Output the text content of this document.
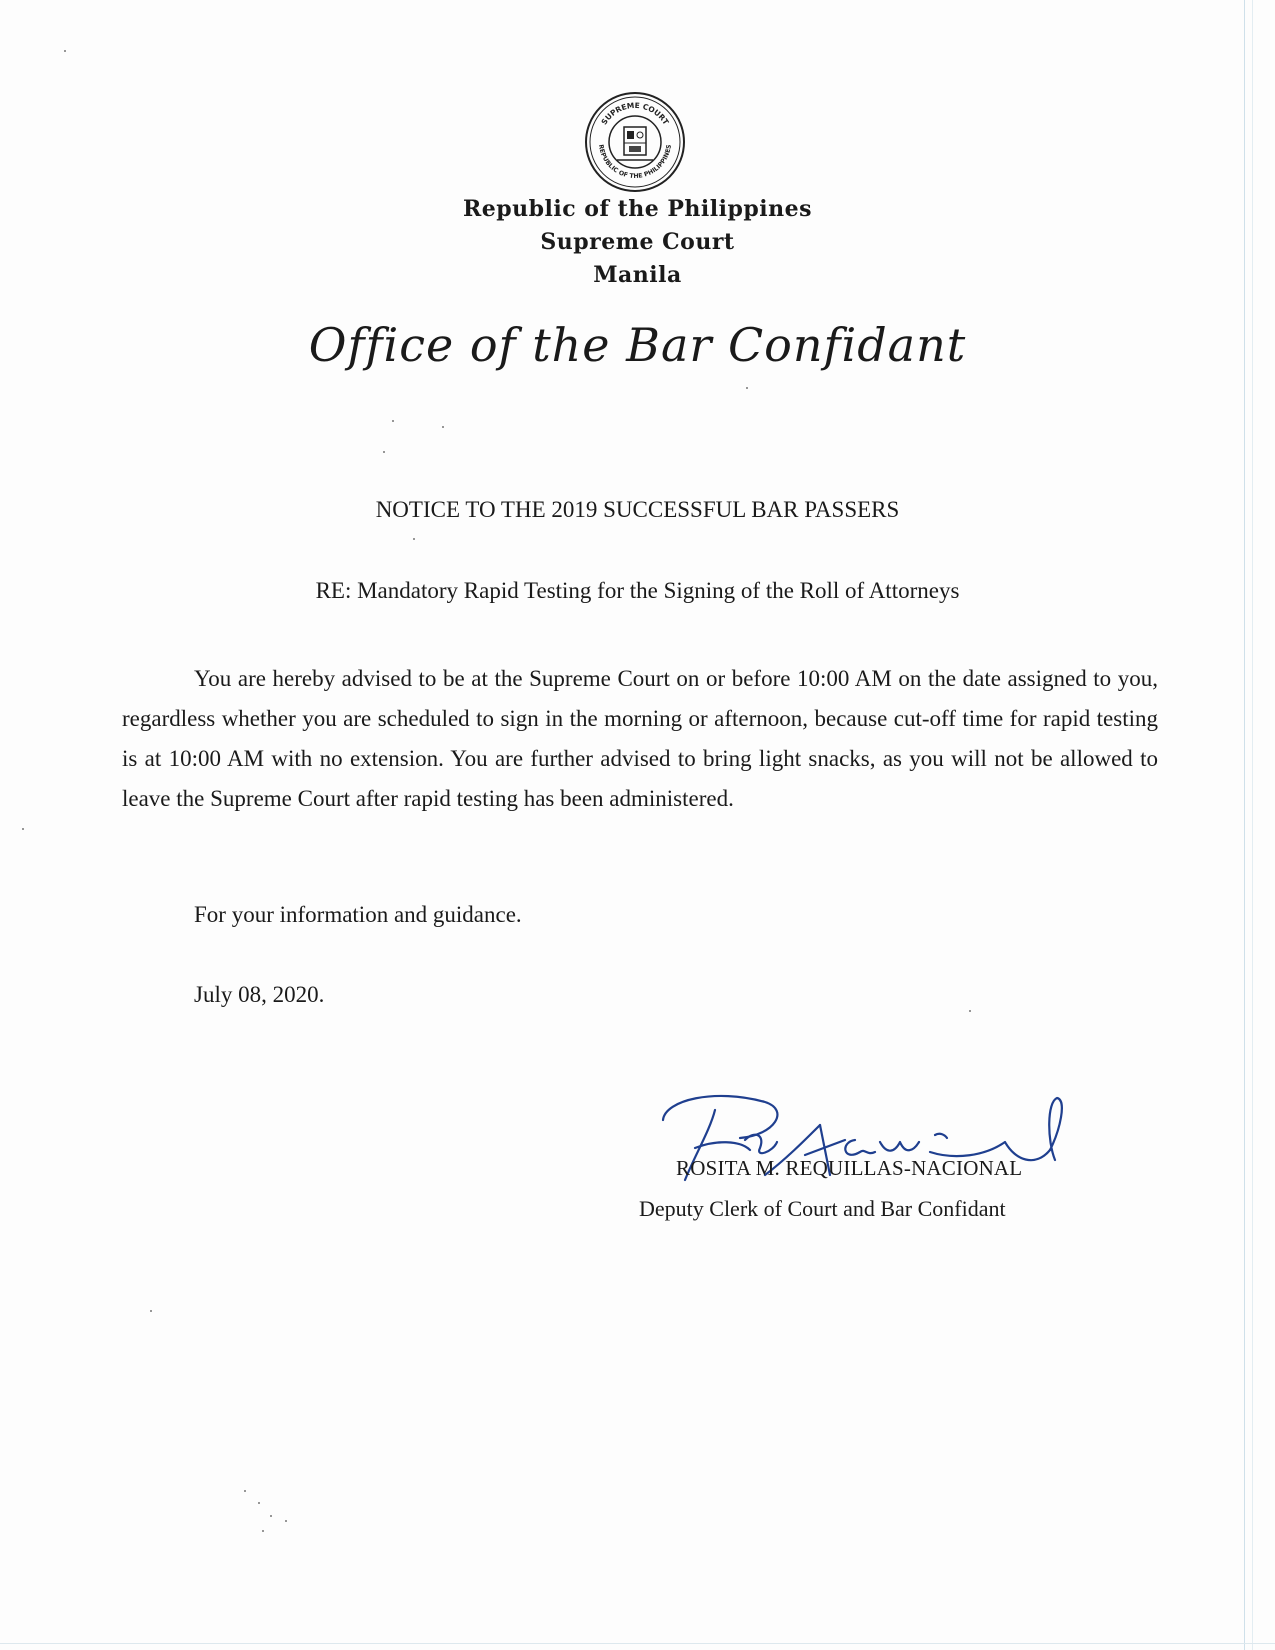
SUPREME COURT
REPUBLIC OF THE PHILIPPINES
Republic of the Philippines
Supreme Court
Manila
Office of the Bar Confidant
NOTICE TO THE 2019 SUCCESSFUL BAR PASSERS
RE: Mandatory Rapid Testing for the Signing of the Roll of Attorneys

You are hereby advised to be at the Supreme Court on or before 10:00 AM on the date assigned to you, regardless whether you are scheduled to sign in the morning or afternoon, because cut-off time for rapid testing is at 10:00 AM with no extension. You are further advised to bring light snacks, as you will not be allowed to leave the Supreme Court after rapid testing has been administered.

For your information and guidance.
July 08, 2020.
ROSITA M. REQUILLAS-NACIONAL
Deputy Clerk of Court and Bar Confidant
